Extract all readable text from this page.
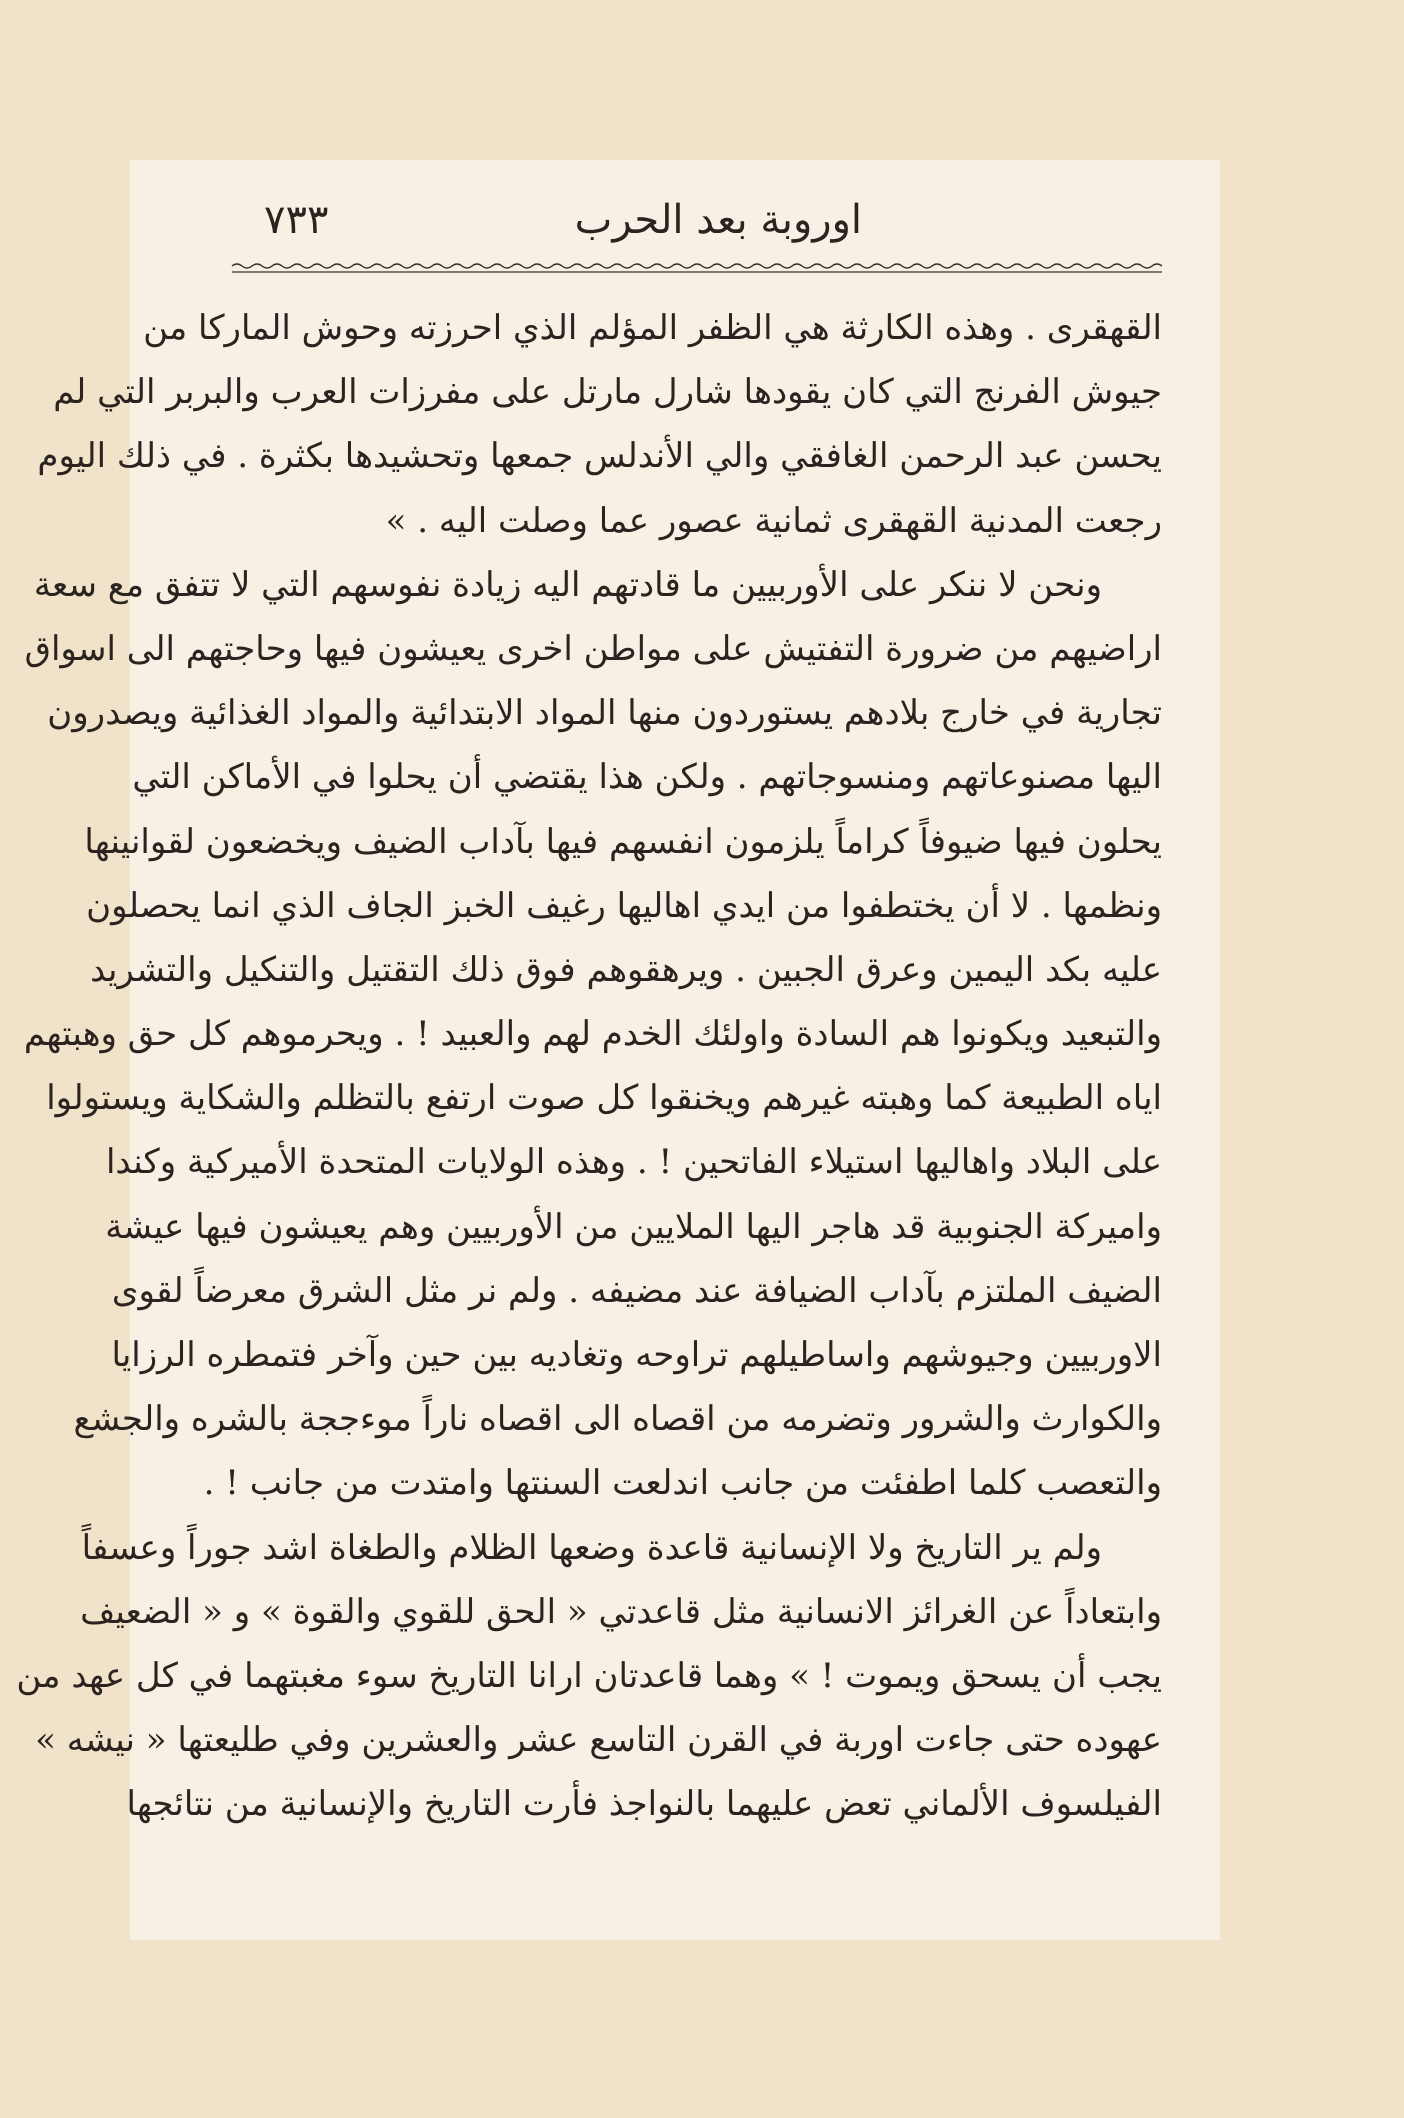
اوروبة بعد الحرب
٧٣٣
القهقرى . وهذه الكارثة هي الظفر المؤلم الذي احرزته وحوش الماركا من
جيوش الفرنج التي كان يقودها شارل مارتل على مفرزات العرب والبربر التي لم
يحسن عبد الرحمن الغافقي والي الأندلس جمعها وتحشيدها بكثرة . في ذلك اليوم
رجعت المدنية القهقرى ثمانية عصور عما وصلت اليه . »
ونحن لا ننكر على الأوربيين ما قادتهم اليه زيادة نفوسهم التي لا تتفق مع سعة
اراضيهم من ضرورة التفتيش على مواطن اخرى يعيشون فيها وحاجتهم الى اسواق
تجارية في خارج بلادهم يستوردون منها المواد الابتدائية والمواد الغذائية ويصدرون
اليها مصنوعاتهم ومنسوجاتهم . ولكن هذا يقتضي أن يحلوا في الأماكن التي
يحلون فيها ضيوفاً كراماً يلزمون انفسهم فيها بآداب الضيف ويخضعون لقوانينها
ونظمها . لا أن يختطفوا من ايدي اهاليها رغيف الخبز الجاف الذي انما يحصلون
عليه بكد اليمين وعرق الجبين . ويرهقوهم فوق ذلك التقتيل والتنكيل والتشريد
والتبعيد ويكونوا هم السادة واولئك الخدم لهم والعبيد ! . ويحرموهم كل حق وهبتهم
اياه الطبيعة كما وهبته غيرهم ويخنقوا كل صوت ارتفع بالتظلم والشكاية ويستولوا
على البلاد واهاليها استيلاء الفاتحين ! . وهذه الولايات المتحدة الأميركية وكندا
واميركة الجنوبية قد هاجر اليها الملايين من الأوربيين وهم يعيشون فيها عيشة
الضيف الملتزم بآداب الضيافة عند مضيفه . ولم نر مثل الشرق معرضاً لقوى
الاوربيين وجيوشهم واساطيلهم تراوحه وتغاديه بين حين وآخر فتمطره الرزايا
والكوارث والشرور وتضرمه من اقصاه الى اقصاه ناراً موءججة بالشره والجشع
والتعصب كلما اطفئت من جانب اندلعت السنتها وامتدت من جانب ! .
ولم ير التاريخ ولا الإنسانية قاعدة وضعها الظلام والطغاة اشد جوراً وعسفاً
وابتعاداً عن الغرائز الانسانية مثل قاعدتي « الحق للقوي والقوة » و « الضعيف
يجب أن يسحق ويموت ! » وهما قاعدتان ارانا التاريخ سوء مغبتهما في كل عهد من
عهوده حتى جاءت اوربة في القرن التاسع عشر والعشرين وفي طليعتها « نيشه »
الفيلسوف الألماني تعض عليهما بالنواجذ فأرت التاريخ والإنسانية من نتائجها
